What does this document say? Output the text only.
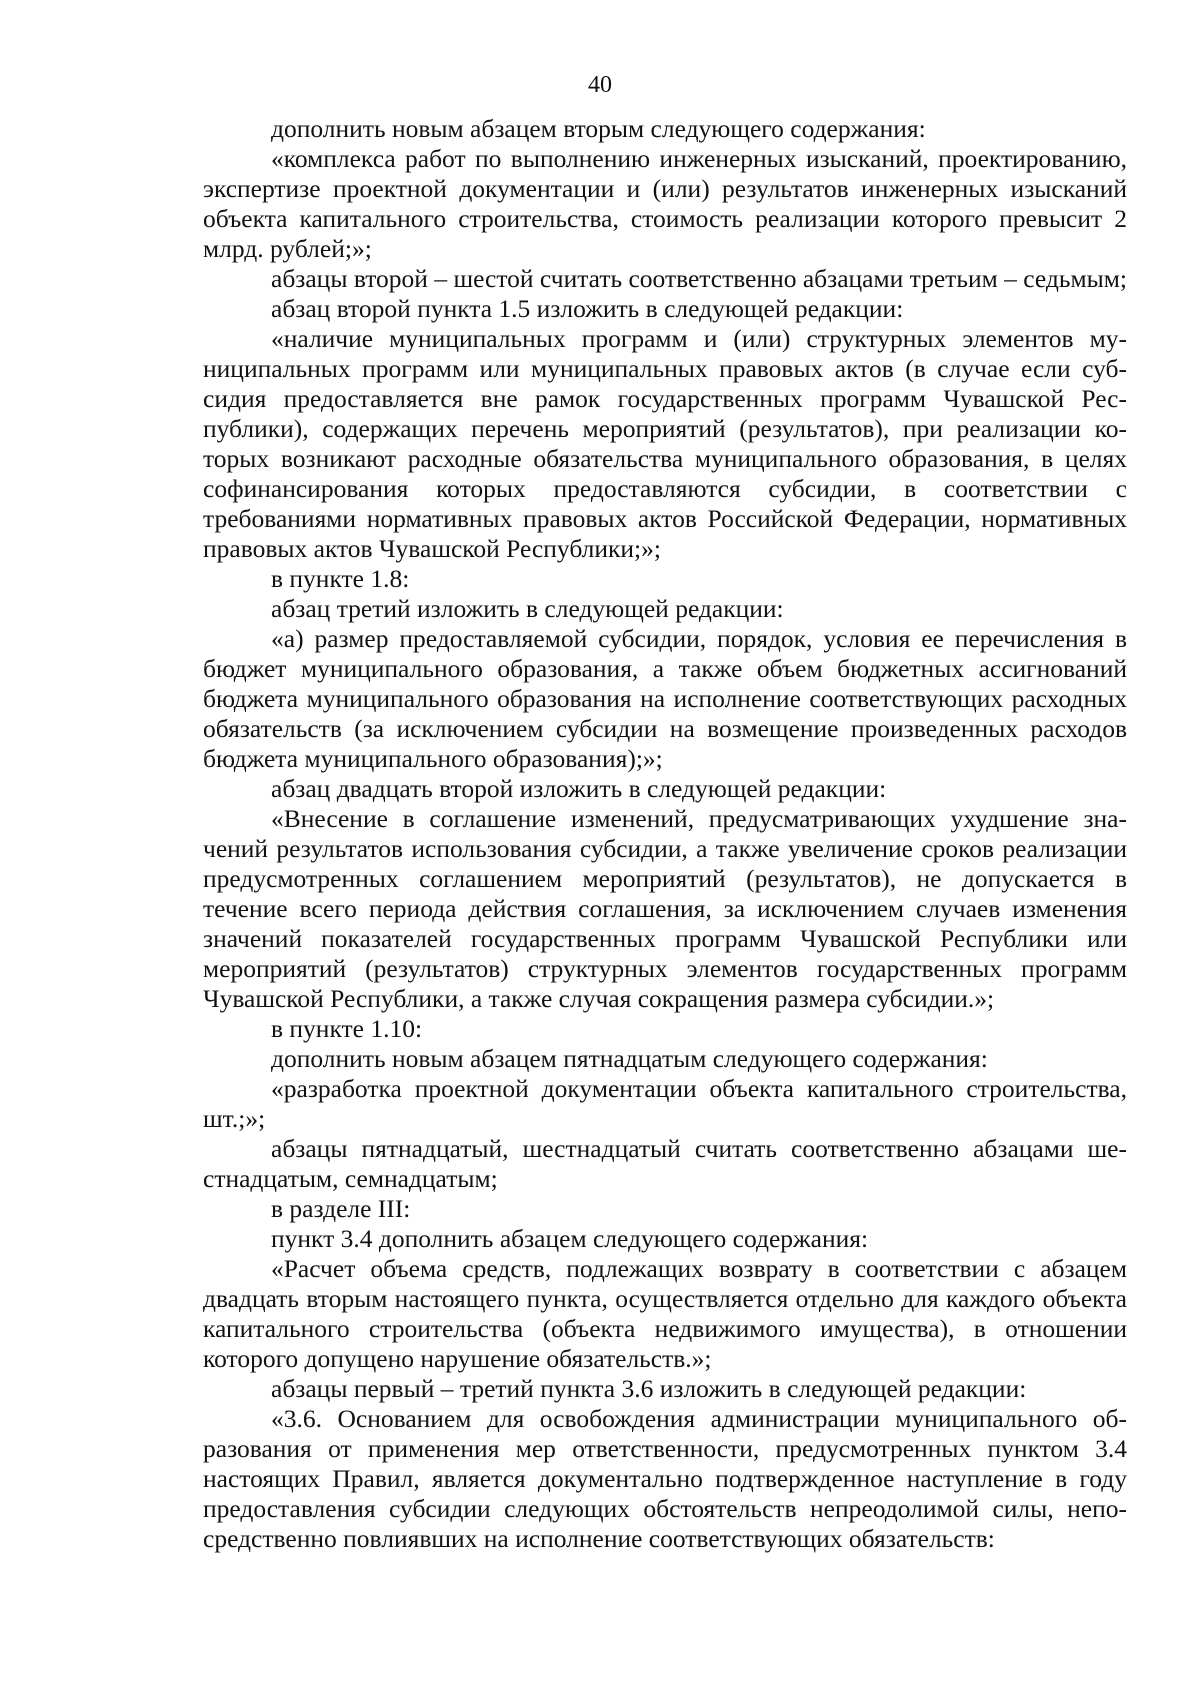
40

дополнить новым абзацем вторым следующего содержания:

«комплекса работ по выполнению инженерных изысканий, проектированию, экспертизе проектной документации и (или) результатов инженерных изысканий объекта капитального строительства, стоимость реализации которого превысит 2 млрд. рублей;»;

абзацы второй – шестой считать соответственно абзацами третьим – седьмым;

абзац второй пункта 1.5 изложить в следующей редакции:

«наличие муниципальных программ и (или) структурных элементов муниципальных программ или муниципальных правовых актов (в случае если субсидия предоставляется вне рамок государственных программ Чувашской Республики), содержащих перечень мероприятий (результатов), при реализации которых возникают расходные обязательства муниципального образования, в целях софинансирования которых предоставляются субсидии, в соответствии с требованиями нормативных правовых актов Российской Федерации, нормативных правовых актов Чувашской Республики;»;

в пункте 1.8:

абзац третий изложить в следующей редакции:

«а) размер предоставляемой субсидии, порядок, условия ее перечисления в бюджет муниципального образования, а также объем бюджетных ассигнований бюджета муниципального образования на исполнение соответствующих расходных обязательств (за исключением субсидии на возмещение произведенных расходов бюджета муниципального образования);»;

абзац двадцать второй изложить в следующей редакции:

«Внесение в соглашение изменений, предусматривающих ухудшение значений результатов использования субсидии, а также увеличение сроков реализации предусмотренных соглашением мероприятий (результатов), не допускается в течение всего периода действия соглашения, за исключением случаев изменения значений показателей государственных программ Чувашской Республики или мероприятий (результатов) структурных элементов государственных программ Чувашской Республики, а также случая сокращения размера субсидии.»;

в пункте 1.10:

дополнить новым абзацем пятнадцатым следующего содержания:

«разработка проектной документации объекта капитального строительства, шт.;»;

абзацы пятнадцатый, шестнадцатый считать соответственно абзацами шестнадцатым, семнадцатым;

в разделе III:

пункт 3.4 дополнить абзацем следующего содержания:

«Расчет объема средств, подлежащих возврату в соответствии с абзацем двадцать вторым настоящего пункта, осуществляется отдельно для каждого объекта капитального строительства (объекта недвижимого имущества), в отношении которого допущено нарушение обязательств.»;

абзацы первый – третий пункта 3.6 изложить в следующей редакции:

«3.6. Основанием для освобождения администрации муниципального образования от применения мер ответственности, предусмотренных пунктом 3.4 настоящих Правил, является документально подтвержденное наступление в году предоставления субсидии следующих обстоятельств непреодолимой силы, непосредственно повлиявших на исполнение соответствующих обязательств:
